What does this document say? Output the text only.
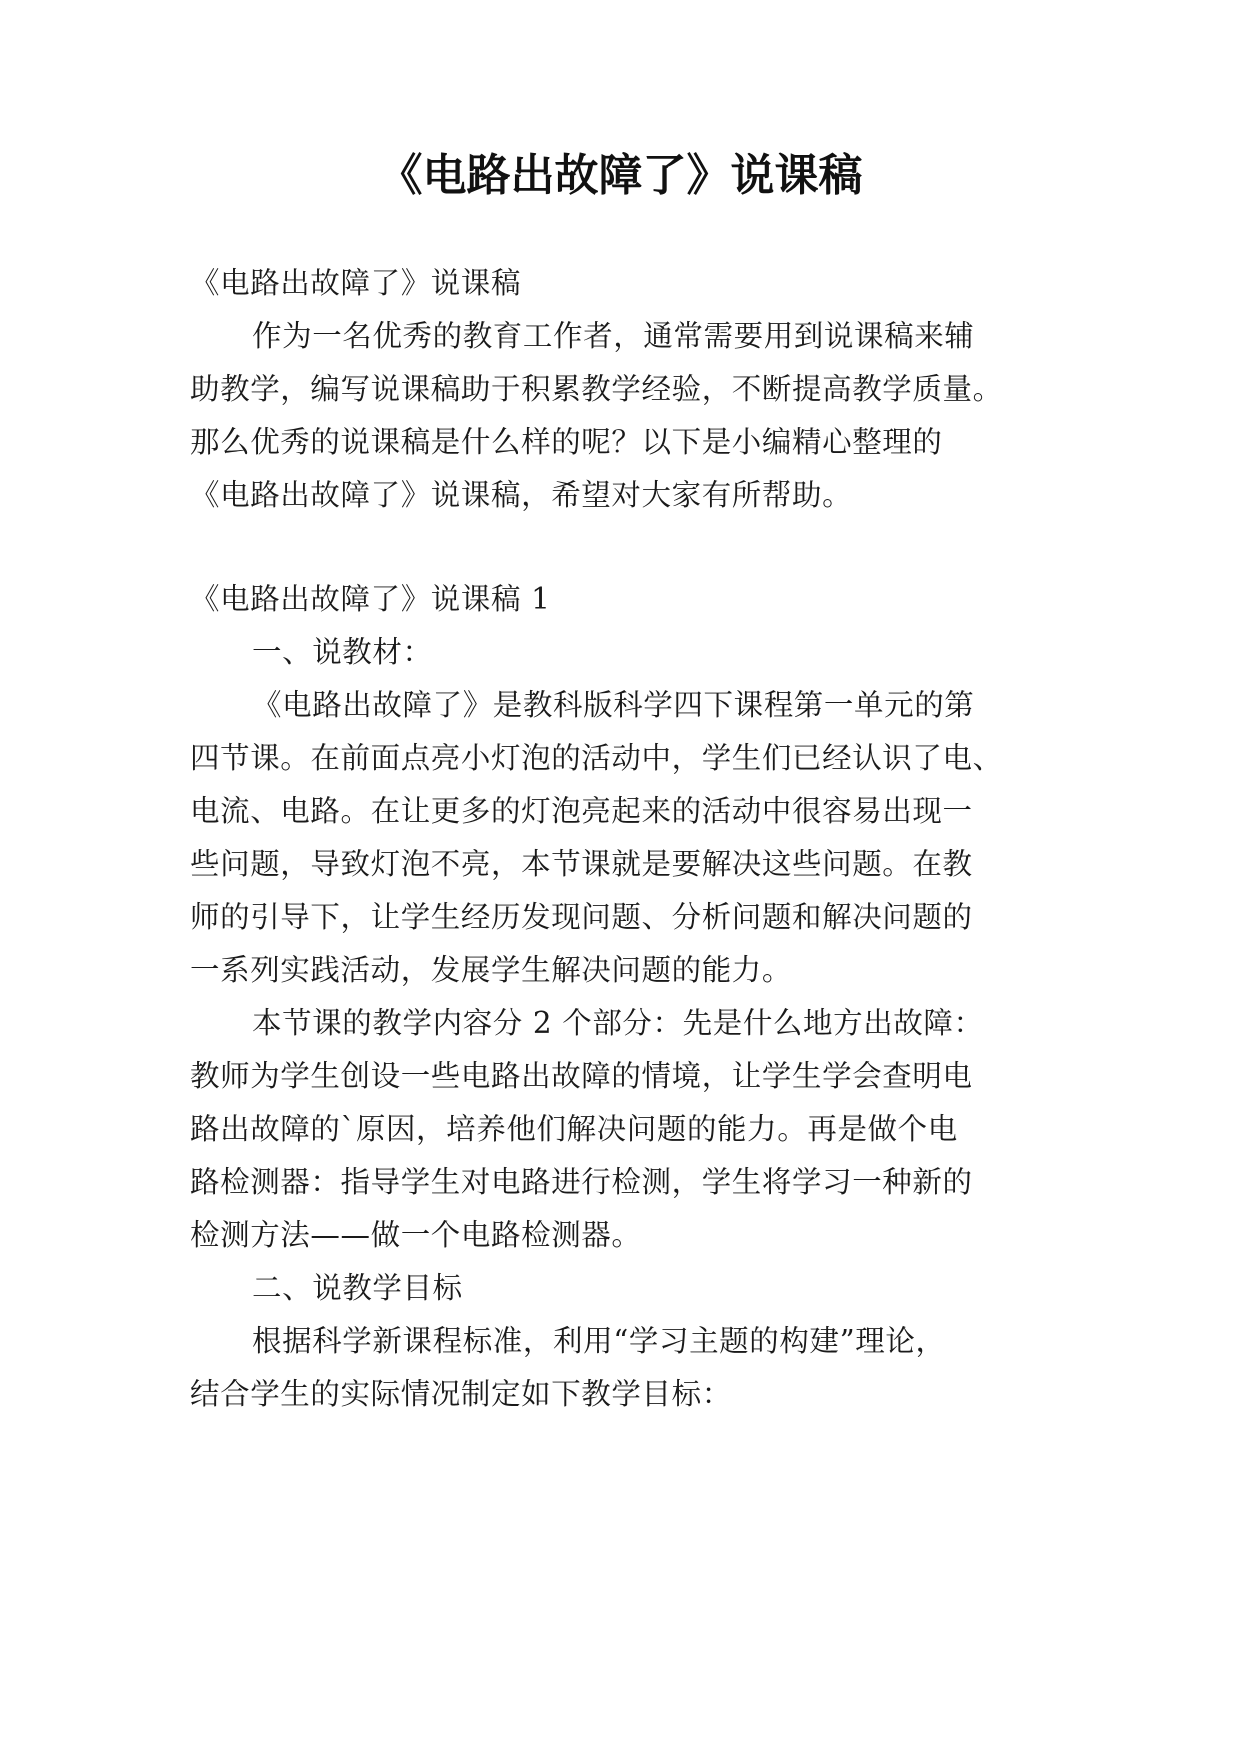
《电路出故障了》说课稿
《电路出故障了》说课稿
作为一名优秀的教育工作者，通常需要用到说课稿来辅
助教学，编写说课稿助于积累教学经验，不断提高教学质量。
那么优秀的说课稿是什么样的呢？以下是小编精心整理的
《电路出故障了》说课稿，希望对大家有所帮助。
《电路出故障了》说课稿 1
一、说教材：
《电路出故障了》是教科版科学四下课程第一单元的第
四节课。在前面点亮小灯泡的活动中，学生们已经认识了电、
电流、电路。在让更多的灯泡亮起来的活动中很容易出现一
些问题，导致灯泡不亮，本节课就是要解决这些问题。在教
师的引导下，让学生经历发现问题、分析问题和解决问题的
一系列实践活动，发展学生解决问题的能力。
本节课的教学内容分 2 个部分：先是什么地方出故障：
教师为学生创设一些电路出故障的情境，让学生学会查明电
路出故障的`原因，培养他们解决问题的能力。再是做个电
路检测器：指导学生对电路进行检测，学生将学习一种新的
检测方法——做一个电路检测器。
二、说教学目标
根据科学新课程标准，利用“学习主题的构建”理论，
结合学生的实际情况制定如下教学目标：
